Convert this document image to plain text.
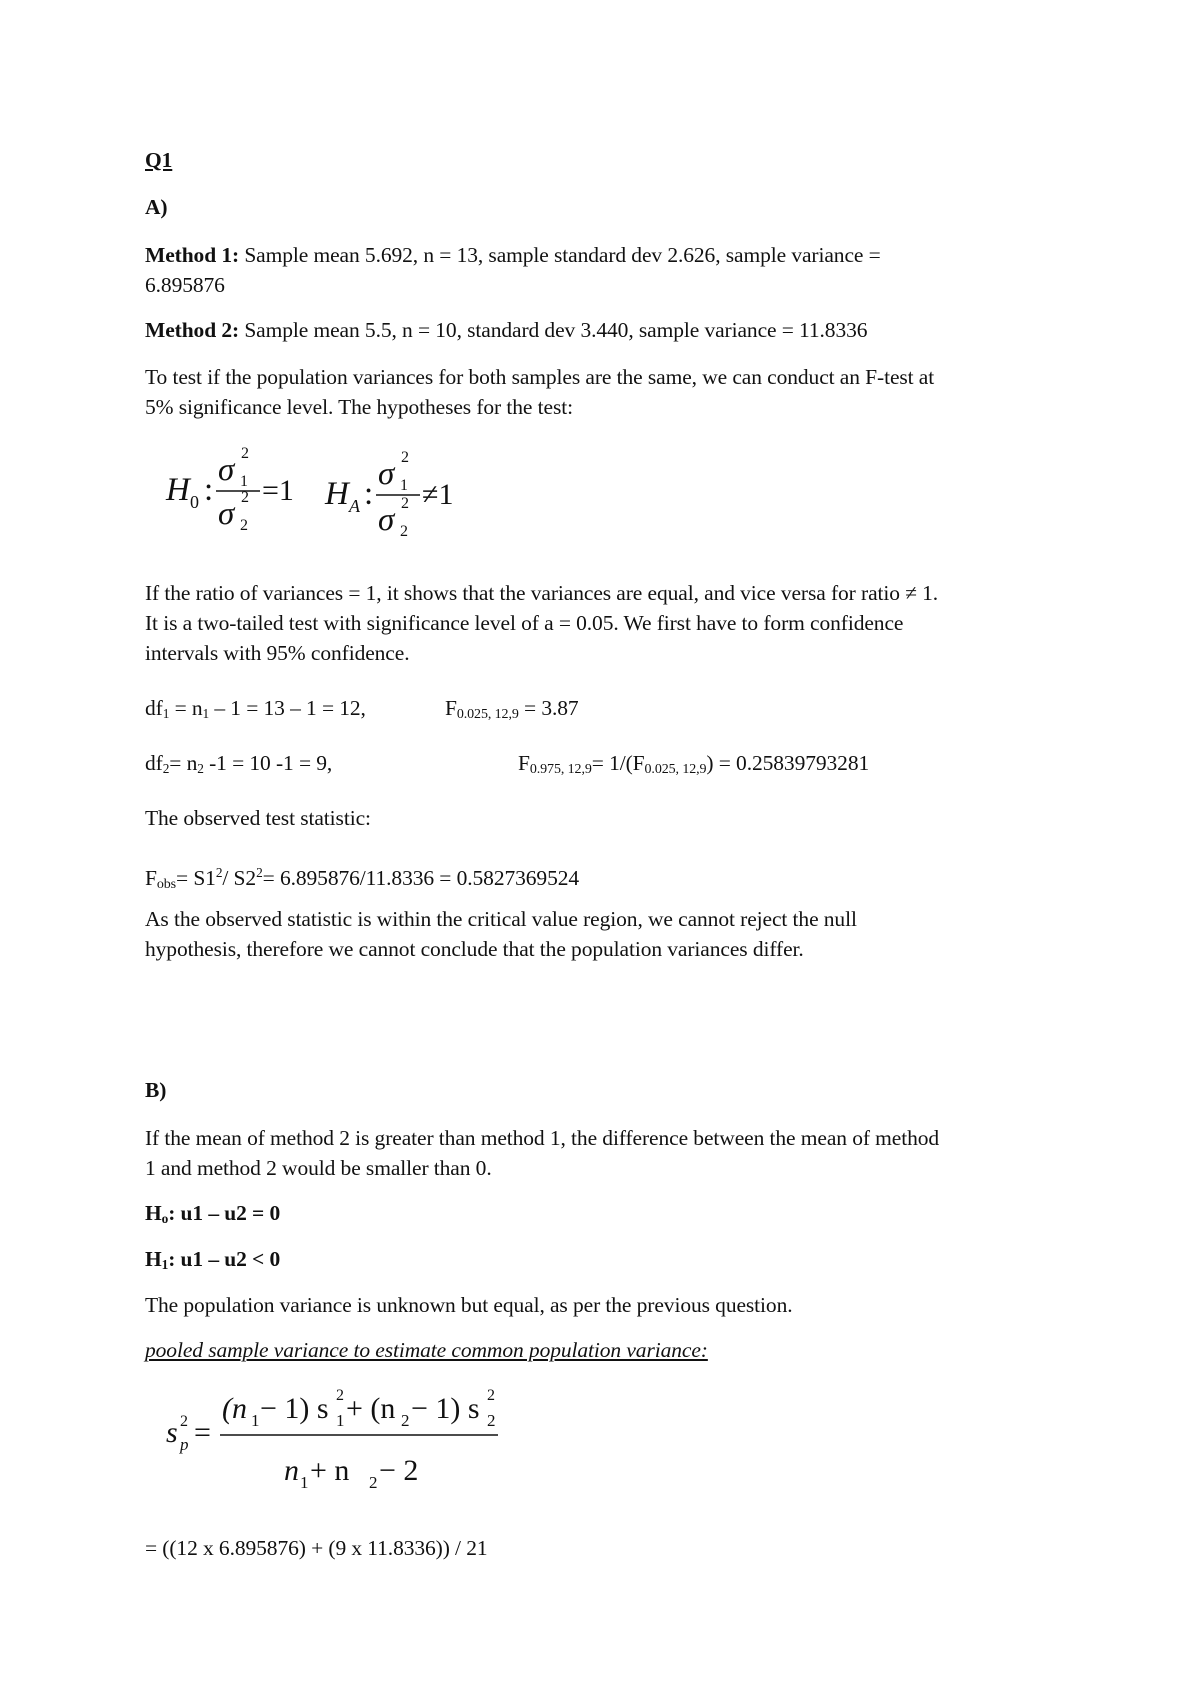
Q1

A)

Method 1: Sample mean 5.692, n = 13, sample standard dev 2.626, sample variance =

6.895876

Method 2: Sample mean 5.5, n = 10, standard dev 3.440, sample variance = 11.8336

To test if the population variances for both samples are the same, we can conduct an F-test at

5% significance level. The hypotheses for the test:

H 0 :
σ 2
1
σ 2
2
=1 H A :
σ 2
1
σ 2
2
≠1

If the ratio of variances = 1, it shows that the variances are equal, and vice versa for ratio ≠ 1.

It is a two-tailed test with significance level of a = 0.05. We first have to form confidence

intervals with 95% confidence.

$df_1 = n_1 - 1 = 13 - 1 = 12$,	$F_{0.025, 12,9} = 3.87$

$df_2= n_2$ -1 = 10 -1 = 9,	$F_{0.975, 12,9}= 1/(F_{0.025, 12,9}) = 0.25839793281$

The observed test statistic:

$F_{obs}= S1^2/$ $S2^2= 6.895876/11.8336 = 0.5827369524$

As the observed statistic is within the critical value region, we cannot reject the null

hypothesis, therefore we cannot conclude that the population variances differ.

B)

If the mean of method 2 is greater than method 1, the difference between the mean of method

1 and method 2 would be smaller than 0.

$H_o$: u1 – u2 = 0

$H_1$: u1 – u2 < 0

The population variance is unknown but equal, as per the previous question.

pooled sample variance to estimate common population variance:

s 2
p =
(n 1 − 1) s 2
1 + (n 2 − 1) s 2
2
n 1 + n 2 − 2

= ((12 x 6.895876) + (9 x 11.8336)) / 21
